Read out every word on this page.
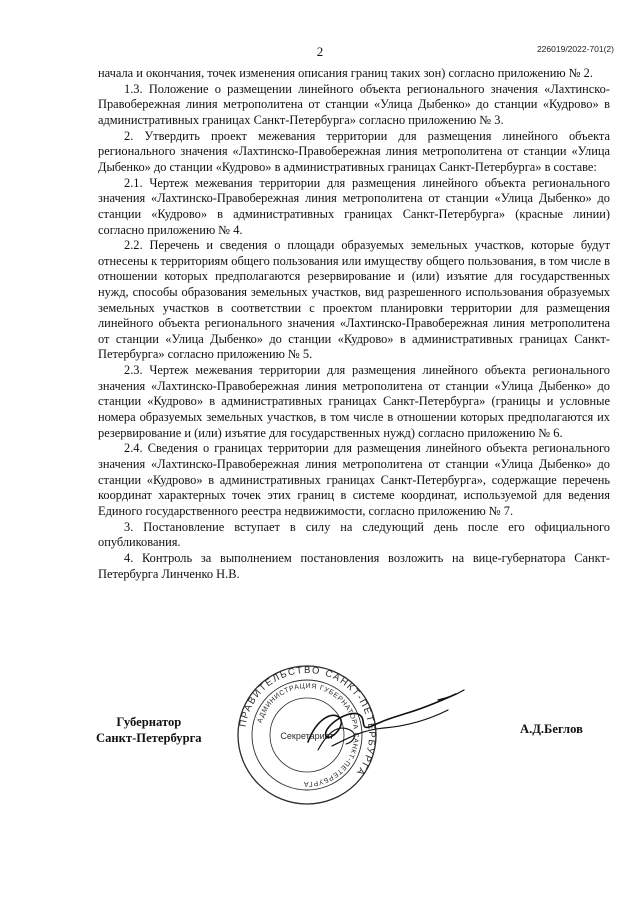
2	226019/2022-701(2)

начала и окончания, точек изменения описания границ таких зон) согласно приложению № 2.

1.3. Положение о размещении линейного объекта регионального значения «Лахтинско-Правобережная линия метрополитена от станции «Улица Дыбенко» до станции «Кудрово» в административных границах Санкт-Петербурга» согласно приложению № 3.

2. Утвердить проект межевания территории для размещения линейного объекта регионального значения «Лахтинско-Правобережная линия метрополитена от станции «Улица Дыбенко» до станции «Кудрово» в административных границах Санкт-Петербурга» в составе:

2.1. Чертеж межевания территории для размещения линейного объекта регионального значения «Лахтинско-Правобережная линия метрополитена от станции «Улица Дыбенко» до станции «Кудрово» в административных границах Санкт-Петербурга» (красные линии) согласно приложению № 4.

2.2. Перечень и сведения о площади образуемых земельных участков, которые будут отнесены к территориям общего пользования или имуществу общего пользования, в том числе в отношении которых предполагаются резервирование и (или) изъятие для государственных нужд, способы образования земельных участков, вид разрешенного использования образуемых земельных участков в соответствии с проектом планировки территории для размещения линейного объекта регионального значения «Лахтинско-Правобережная линия метрополитена от станции «Улица Дыбенко» до станции «Кудрово» в административных границах Санкт-Петербурга» согласно приложению № 5.

2.3. Чертеж межевания территории для размещения линейного объекта регионального значения «Лахтинско-Правобережная линия метрополитена от станции «Улица Дыбенко» до станции «Кудрово» в административных границах Санкт-Петербурга» (границы и условные номера образуемых земельных участков, в том числе в отношении которых предполагаются их резервирование и (или) изъятие для государственных нужд) согласно приложению № 6.

2.4. Сведения о границах территории для размещения линейного объекта регионального значения «Лахтинско-Правобережная линия метрополитена от станции «Улица Дыбенко» до станции «Кудрово» в административных границах Санкт-Петербурга», содержащие перечень координат характерных точек этих границ в системе координат, используемой для ведения Единого государственного реестра недвижимости, согласно приложению № 7.

3. Постановление вступает в силу на следующий день после его официального опубликования.

4. Контроль за выполнением постановления возложить на вице-губернатора Санкт-Петербурга Линченко Н.В.

Губернатор
Санкт-Петербурга
ПРАВИТЕЛЬСТВО САНКТ-ПЕТЕРБУРГА
АДМИНИСТРАЦИЯ ГУБЕРНАТОРА САНКТ-ПЕТЕРБУРГА
Секретариат	А.Д.Беглов
